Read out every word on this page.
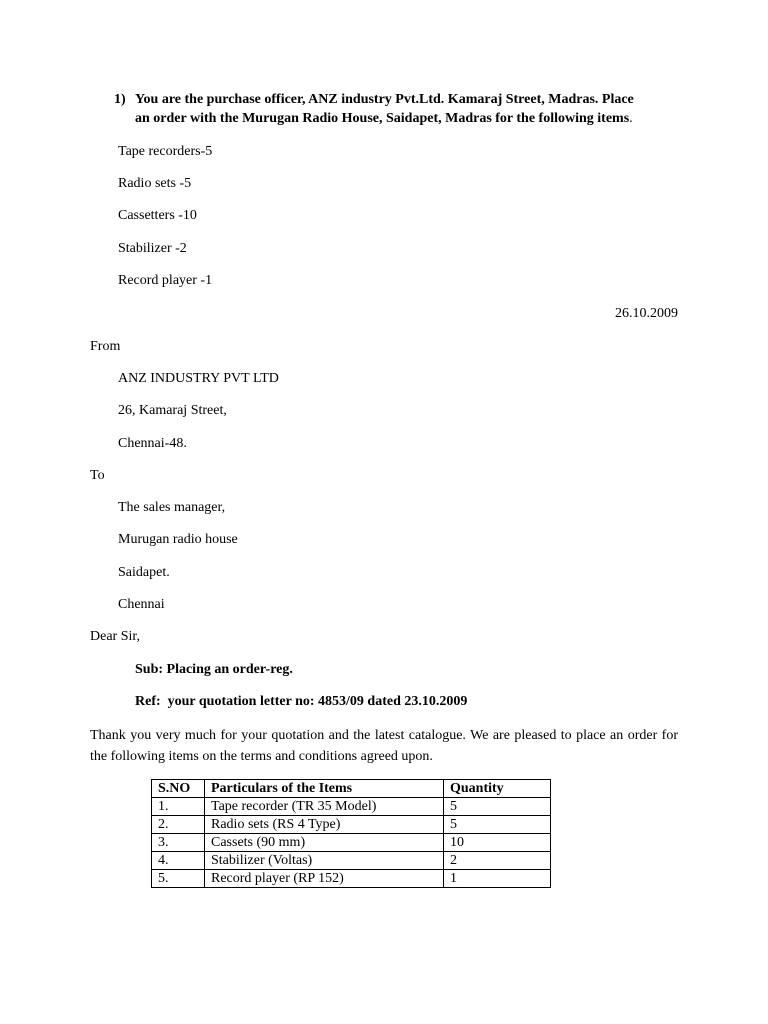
1) You are the purchase officer, ANZ industry Pvt.Ltd. Kamaraj Street, Madras. Place
an order with the Murugan Radio House, Saidapet, Madras for the following items.
Tape recorders-5
Radio sets -5
Cassetters -10
Stabilizer -2
Record player -1
26.10.2009
From
ANZ INDUSTRY PVT LTD
26, Kamaraj Street,
Chennai-48.
To
The sales manager,
Murugan radio house
Saidapet.
Chennai
Dear Sir,
Sub: Placing an order-reg.
Ref:  your quotation letter no: 4853/09 dated 23.10.2009
Thank you very much for your quotation and the latest catalogue. We are pleased to place an order for the following items on the terms and conditions agreed upon.
S.NO	Particulars of the Items	Quantity
1.	Tape recorder (TR 35 Model)	5
2.	Radio sets (RS 4 Type)	5
3.	Cassets (90 mm)	10
4.	Stabilizer (Voltas)	2
5.	Record player (RP 152)	1
